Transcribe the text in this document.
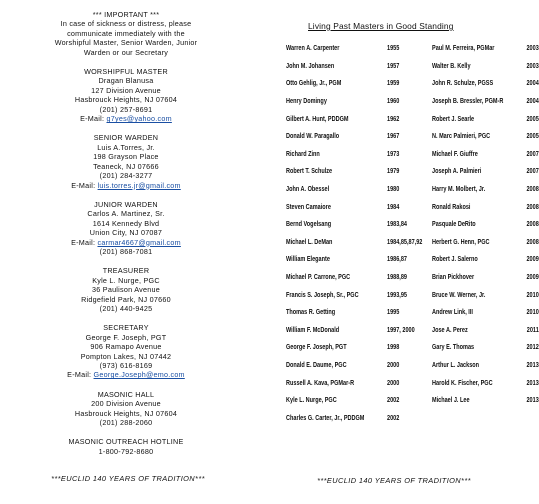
*** IMPORTANT ***
In case of sickness or distress, please
communicate immediately with the
Worshipful Master, Senior Warden, Junior
Warden or our Secretary
WORSHIPFUL MASTER
Dragan Blanusa
127 Division Avenue
Hasbrouck Heights, NJ 07604
(201) 257-8691
E-Mail: g7yes@yahoo.com
SENIOR WARDEN
Luis A.Torres, Jr.
198 Grayson Place
Teaneck, NJ 07666
(201) 284-3277
E-Mail: luis.torres.jr@gmail.com
JUNIOR WARDEN
Carlos A. Martinez, Sr.
1614 Kennedy Blvd
Union City, NJ 07087
E-Mail: carmar4667@gmail.com
(201) 868-7081
TREASURER
Kyle L. Nurge, PGC
36 Paulison Avenue
Ridgefield Park, NJ 07660
(201) 440-9425
SECRETARY
George F. Joseph, PGT
906 Ramapo Avenue
Pompton Lakes, NJ 07442
(973) 616-8169
E-Mail: George.Joseph@emo.com
MASONIC HALL
200 Division Avenue
Hasbrouck Heights, NJ 07604
(201) 288-2060
MASONIC OUTREACH HOTLINE
1-800-792-8680
***EUCLID 140 YEARS OF TRADITION***
Living Past Masters in Good Standing
Warren A. Carpenter	1955	Paul M. Ferreira, PGMar	2003
John M. Johansen	1957	Walter B. Kelly	2003
Otto Gehlig, Jr., PGM	1959	John R. Schulze, PGSS	2004
Henry Domingy	1960	Joseph B. Bressler, PGM-R	2004
Gilbert A. Hunt, PDDGM	1962	Robert J. Searle	2005
Donald W. Paragallo	1967	N. Marc Palmieri, PGC	2005
Richard Zinn	1973	Michael F. Giuffre	2007
Robert T. Schulze	1979	Joseph A. Palmieri	2007
John A. Obessel	1980	Harry M. Molbert, Jr.	2008
Steven Camaiore	1984	Ronald Rakosi	2008
Bernd Vogelsang	1983,84	Pasquale DeRito	2008
Michael L. DeMan	1984,85,87,92	Herbert G. Henn, PGC	2008
William Elegante	1986,87	Robert J. Salerno	2009
Michael P. Carrone, PGC	1988,89	Brian Pickhover	2009
Francis S. Joseph, Sr., PGC	1993,95	Bruce W. Werner, Jr.	2010
Thomas R. Getting	1995	Andrew Link, III	2010
William F. McDonald	1997, 2000	Jose A. Perez	2011
George F. Joseph, PGT	1998	Gary E. Thomas	2012
Donald E. Daume, PGC	2000	Arthur L. Jackson	2013
Russell A. Kava, PGMar-R	2000	Harold K. Fischer, PGC	2013
Kyle L. Nurge, PGC	2002	Michael J. Lee	2013
Charles G. Carter, Jr., PDDGM	2002		
***EUCLID 140 YEARS OF TRADITION***
